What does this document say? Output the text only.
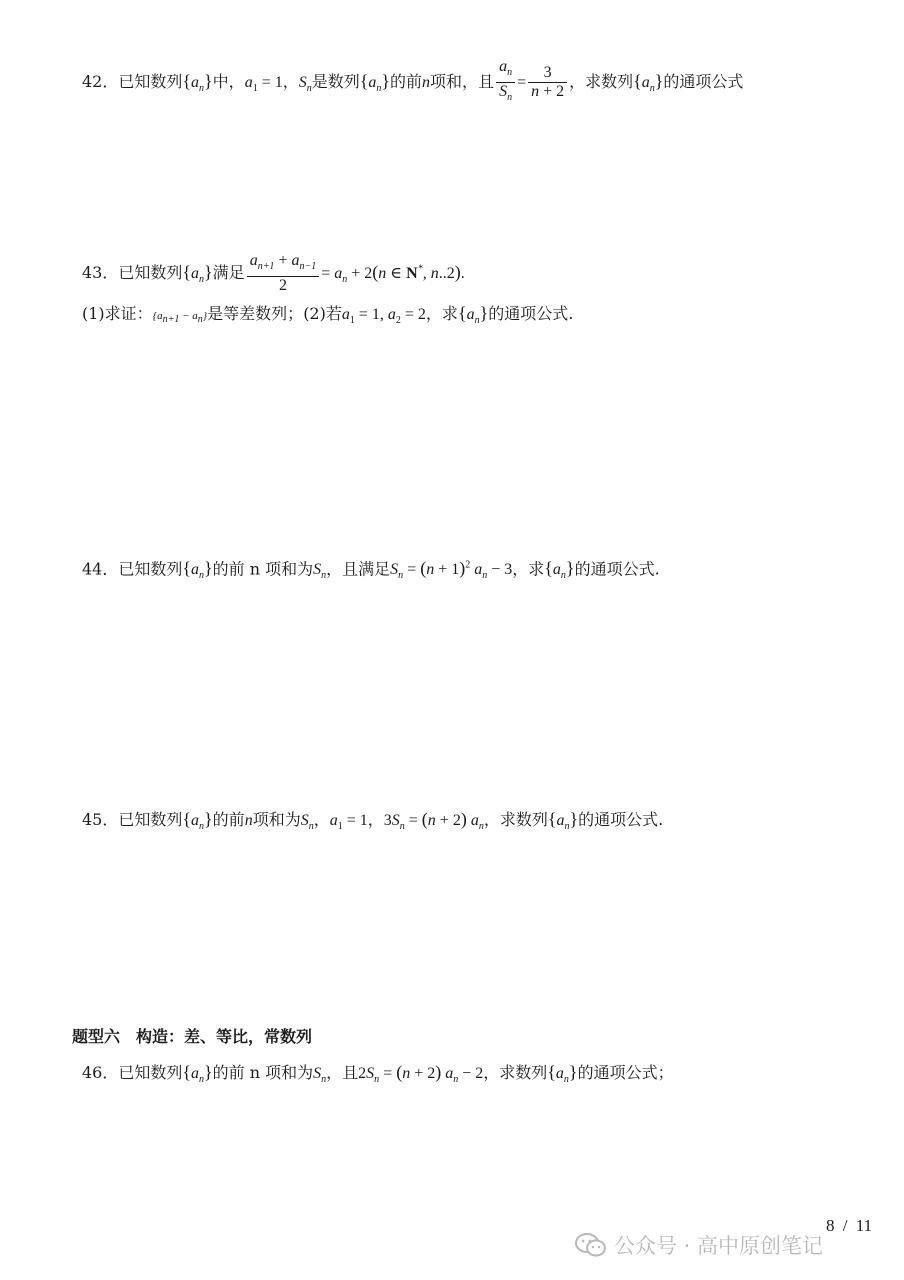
42．已知数列$\{a_n\}$中，$a_1 = 1$，$S_n$是数列$\{a_n\}$的前n项和，且 $\frac{a_n}{S_n} = \frac{3}{n + 2}$ ，求数列$\{a_n\}$的通项公式
43．已知数列$\{a_n\}$满足 $\frac{a_{n+1} + a_{n-1}}{2} = a_n + 2(n$ ∈ N*, n..2).
(1)求证：$\{a_{n+1} - a_n\}$是等差数列；(2)若$a_1 = 1$, $a_2 = 2$，求$\{a_n\}$的通项公式.
44．已知数列$\{a_n\}$的前 n 项和为$S_n$，且满足$S_n = (n + 1)^2$ $a_n - 3$，求$\{a_n\}$的通项公式.
45．已知数列$\{a_n\}$的前n项和为$S_n$，$a_1 = 1$，$3S_n = (n + 2)$ $a_n$，求数列$\{a_n\}$的通项公式.
题型六　构造：差、等比，常数列
46．已知数列$\{a_n\}$的前 n 项和为$S_n$，且$2S_n = (n + 2) a_n - 2$，求数列$\{a_n\}$的通项公式；
8 / 11
公众号 · 高中原创笔记
